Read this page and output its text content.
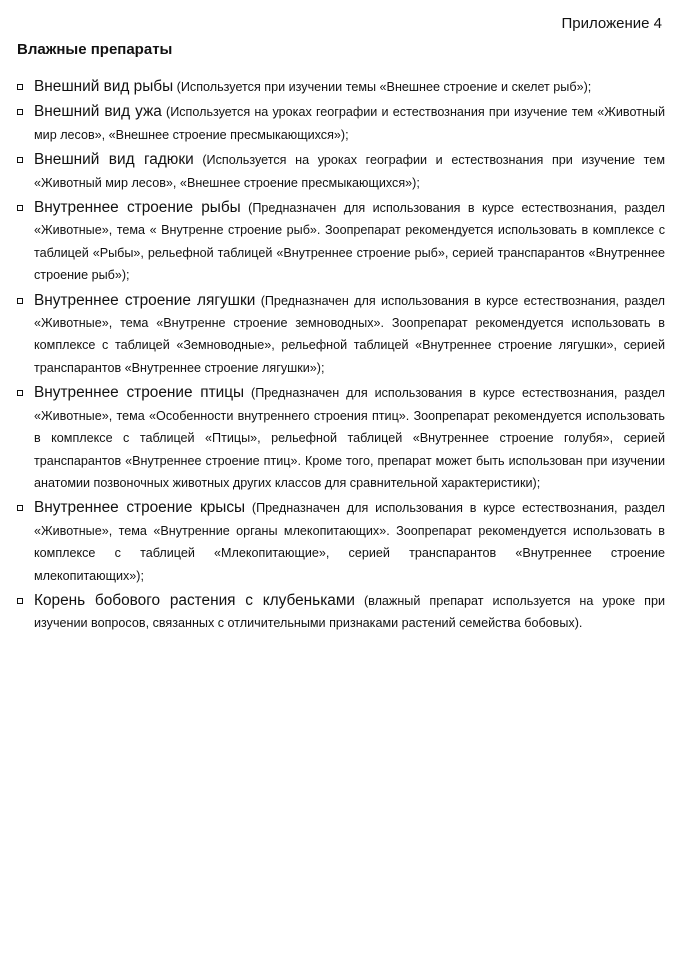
Приложение 4
Влажные препараты
Внешний вид рыбы (Используется при изучении темы «Внешнее строение и скелет рыб»);
Внешний вид ужа (Используется на уроках географии и естествознания при изучение тем «Животный мир лесов», «Внешнее строение пресмыкающихся»);
Внешний вид гадюки (Используется на уроках географии и естествознания при изучение тем «Животный мир лесов», «Внешнее строение пресмыкающихся»);
Внутреннее строение рыбы (Предназначен для использования в курсе естествознания, раздел «Животные», тема « Внутренне строение рыб». Зоопрепарат рекомендуется использовать в комплексе с таблицей «Рыбы», рельефной таблицей «Внутреннее строение рыб», серией транспарантов «Внутреннее строение рыб»);
Внутреннее строение лягушки (Предназначен для использования в курсе естествознания, раздел «Животные», тема «Внутренне строение земноводных». Зоопрепарат рекомендуется использовать в комплексе с таблицей «Земноводные», рельефной таблицей «Внутреннее строение лягушки», серией транспарантов «Внутреннее строение лягушки»);
Внутреннее строение птицы (Предназначен для использования в курсе естествознания, раздел «Животные», тема «Особенности внутреннего строения птиц». Зоопрепарат рекомендуется использовать в комплексе с таблицей «Птицы», рельефной таблицей «Внутреннее строение голубя», серией транспарантов «Внутреннее строение птиц». Кроме того, препарат может быть использован при изучении анатомии позвоночных животных других классов для сравнительной характеристики);
Внутреннее строение крысы (Предназначен для использования в курсе естествознания, раздел «Животные», тема «Внутренние органы млекопитающих». Зоопрепарат рекомендуется использовать в комплексе с таблицей «Млекопитающие», серией транспарантов «Внутреннее строение млекопитающих»);
Корень бобового растения с клубеньками (влажный препарат используется на уроке при изучении вопросов, связанных с отличительными признаками растений семейства бобовых).
